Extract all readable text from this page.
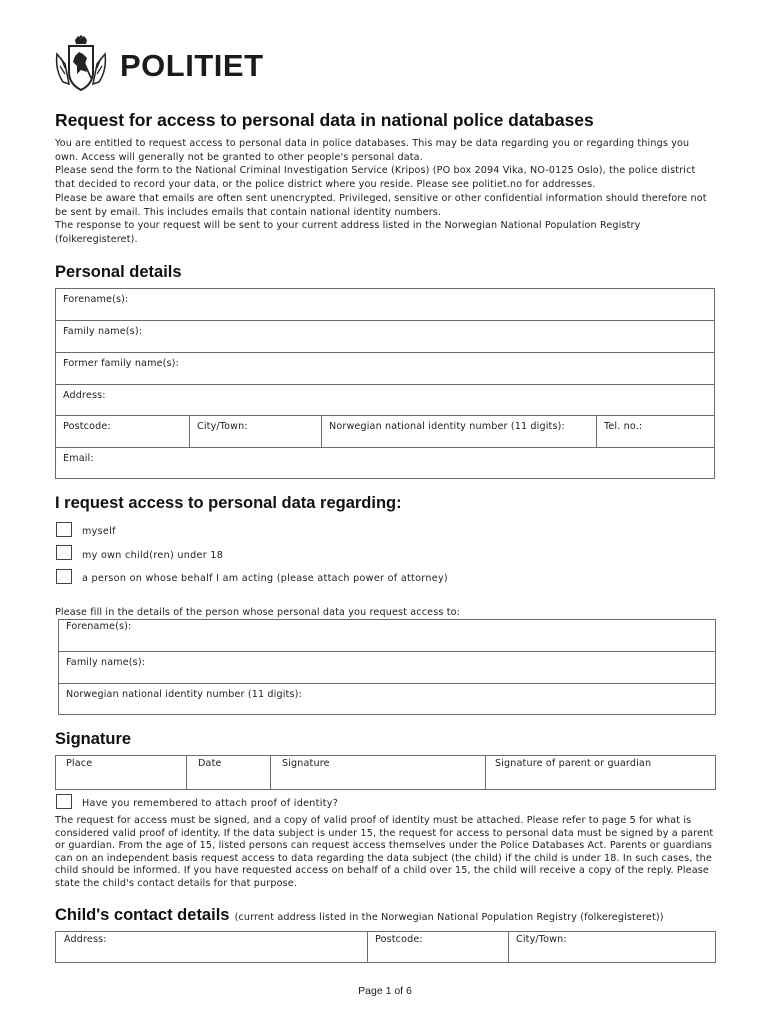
POLITIET
Request for access to personal data in national police databases
You are entitled to request access to personal data in police databases. This may be data regarding you or regarding things you own. Access will generally not be granted to other people's personal data.
Please send the form to the National Criminal Investigation Service (Kripos) (PO box 2094 Vika, NO-0125 Oslo), the police district that decided to record your data, or the police district where you reside. Please see politiet.no for addresses.
Please be aware that emails are often sent unencrypted. Privileged, sensitive or other confidential information should therefore not be sent by email. This includes emails that contain national identity numbers.
The response to your request will be sent to your current address listed in the Norwegian National Population Registry (folkeregisteret).
Personal details
Forename(s):
Family name(s):
Former family name(s):
Address:
Postcode:	City/Town:	Norwegian national identity number (11 digits):	Tel. no.:
Email:
I request access to personal data regarding:
myself
my own child(ren) under 18
a person on whose behalf I am acting (please attach power of attorney)
Please fill in the details of the person whose personal data you request access to:
Forename(s):
Family name(s):
Norwegian national identity number (11 digits):
Signature
Place	Date	Signature	Signature of parent or guardian
Have you remembered to attach proof of identity?
The request for access must be signed, and a copy of valid proof of identity must be attached. Please refer to page 5 for what is considered valid proof of identity. If the data subject is under 15, the request for access to personal data must be signed by a parent or guardian. From the age of 15, listed persons can request access themselves under the Police Databases Act. Parents or guardians can on an independent basis request access to data regarding the data subject (the child) if the child is under 18. In such cases, the child should be informed. If you have requested access on behalf of a child over 15, the child will receive a copy of the reply. Please state the child's contact details for that purpose.
Child's contact details (current address listed in the Norwegian National Population Registry (folkeregisteret))
Address:	Postcode:	City/Town:
Page 1 of 6
